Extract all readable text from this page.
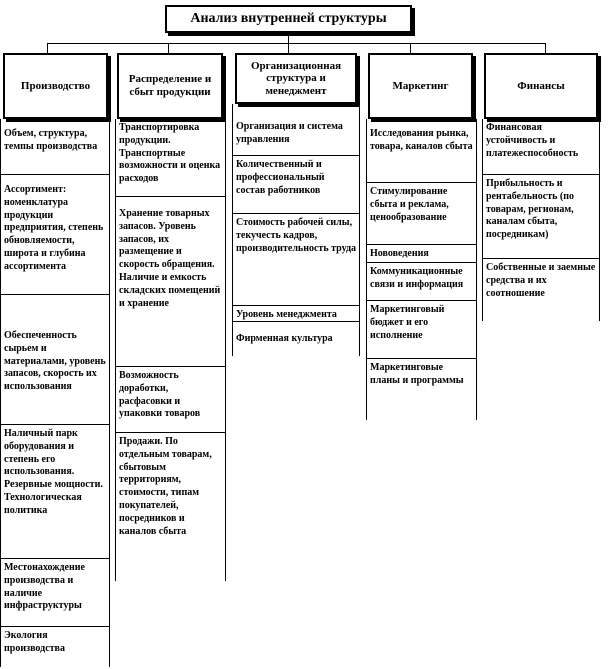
Анализ внутренней структуры
Производство
Распределение и сбыт продукции
Организационная структура и менеджмент	Маркетинг	Финансы
Объем, структура, темпы производства
Ассортимент: номенклатура продукции предприятия, степень обновляемости, широта и глубина ассортимента
Обеспеченность сырьем и материалами, уровень запасов, скорость их использования
Наличный парк оборудования и степень его использования. Резервные мощности. Технологическая политика
Местонахождение производства и наличие инфраструктуры
Экология производства
Транспортировка продукции. Транспортные возможности и оценка расходов
Хранение товарных запасов. Уровень запасов, их размещение и скорость обращения. Наличие и емкость складских помещений и хранение
Возможность доработки, расфасовки и упаковки товаров
Продажи. По отдельным товарам, сбытовым территориям, стоимости, типам покупателей, посредников и каналов сбыта
Организация и система управления
Количественный и профессиональный состав работников
Стоимость рабочей силы, текучесть кадров, производительность труда
Уровень менеджмента
Фирменная культура
Исследования рынка, товара, каналов сбыта
Стимулирование сбыта и реклама, ценообразование
Нововедения
Коммуникационные связи и информация
Маркетинговый бюджет и его исполнение
Маркетинговые планы и программы
Финансовая устойчивость и платежеспособность
Прибыльность и рентабельность (по товарам, регионам, каналам сбыта, посредникам)
Собственные и заемные средства и их соотношение
